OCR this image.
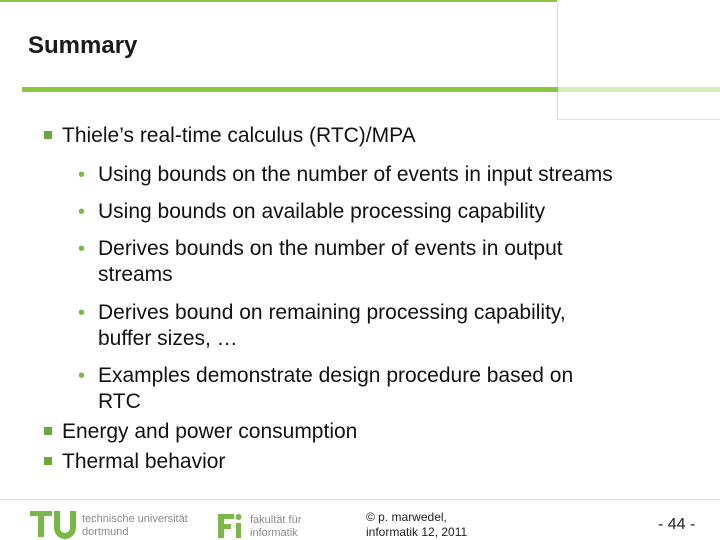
Summary
Thiele’s real-time calculus (RTC)/MPA
• Using bounds on the number of events in input streams
• Using bounds on available processing capability
• Derives bounds on the number of events in output
streams
• Derives bound on remaining processing capability,
buffer sizes, …
• Examples demonstrate design procedure based on
RTC
Energy and power consumption
Thermal behavior
technische universität
dortmund
fakultät für
informatik
© p. marwedel,
informatik 12, 2011	- 44 -
